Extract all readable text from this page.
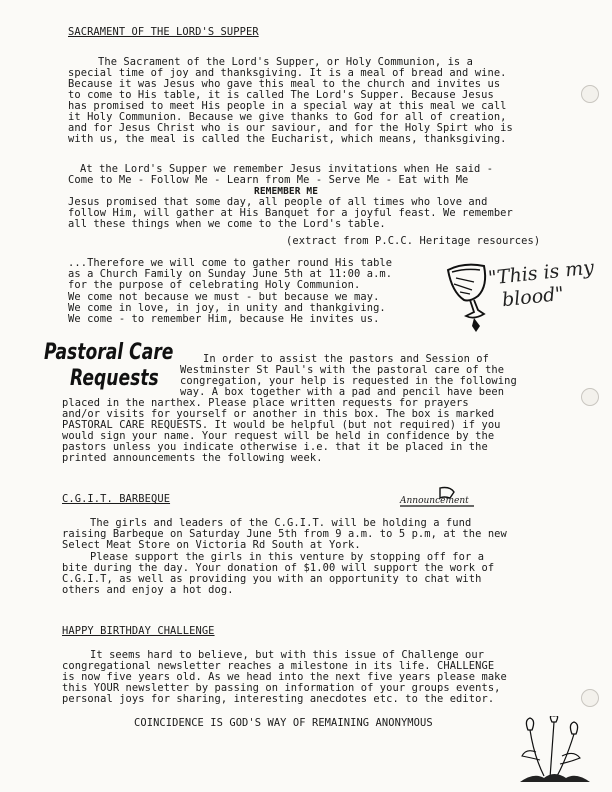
SACRAMENT OF THE LORD'S SUPPER
The Sacrament of the Lord's Supper, or Holy Communion, is a
special time of joy and thanksgiving. It is a meal of bread and wine.
Because it was Jesus who gave this meal to the church and invites us
to come to His table, it is called The Lord's Supper. Because Jesus
has promised to meet His people in a special way at this meal we call
it Holy Communion. Because we give thanks to God for all of creation,
and for Jesus Christ who is our saviour, and for the Holy Spirt who is
with us, the meal is called the Eucharist, which means, thanksgiving.
At the Lord's Supper we remember Jesus invitations when He said -
Come to Me - Follow Me - Learn from Me - Serve Me - Eat with Me
REMEMBER ME
Jesus promised that some day, all people of all times who love and
follow Him, will gather at His Banquet for a joyful feast. We remember
all these things when we come to the Lord's table.
(extract from P.C.C. Heritage resources)
...Therefore we will come to gather round His table
as a Church Family on Sunday June 5th at 11:00 a.m.
for the purpose of celebrating Holy Communion.
We come not because we must - but because we may.
We come in love, in joy, in unity and thankgiving.
We come - to remember Him, because He invites us.
"This is my
blood"
Pastoral Care
Requests
In order to assist the pastors and Session of
Westminster St Paul's with the pastoral care of the
congregation, your help is requested in the following
way. A box together with a pad and pencil have been
placed in the narthex. Please place written requests for prayers
and/or visits for yourself or another in this box. The box is marked
PASTORAL CARE REQUESTS. It would be helpful (but not required) if you
would sign your name. Your request will be held in confidence by the
pastors unless you indicate otherwise i.e. that it be placed in the
printed announcements the following week.
C.G.I.T. BARBEQUE	Announcement
The girls and leaders of the C.G.I.T. will be holding a fund
raising Barbeque on Saturday June 5th from 9 a.m. to 5 p.m, at the new
Select Meat Store on Victoria Rd South at York.
Please support the girls in this venture by stopping off for a
bite during the day. Your donation of $1.00 will support the work of
C.G.I.T, as well as providing you with an opportunity to chat with
others and enjoy a hot dog.
HAPPY BIRTHDAY CHALLENGE
It seems hard to believe, but with this issue of Challenge our
congregational newsletter reaches a milestone in its life. CHALLENGE
is now five years old. As we head into the next five years please make
this YOUR newsletter by passing on information of your groups events,
personal joys for sharing, interesting anecdotes etc. to the editor.
COINCIDENCE IS GOD'S WAY OF REMAINING ANONYMOUS
